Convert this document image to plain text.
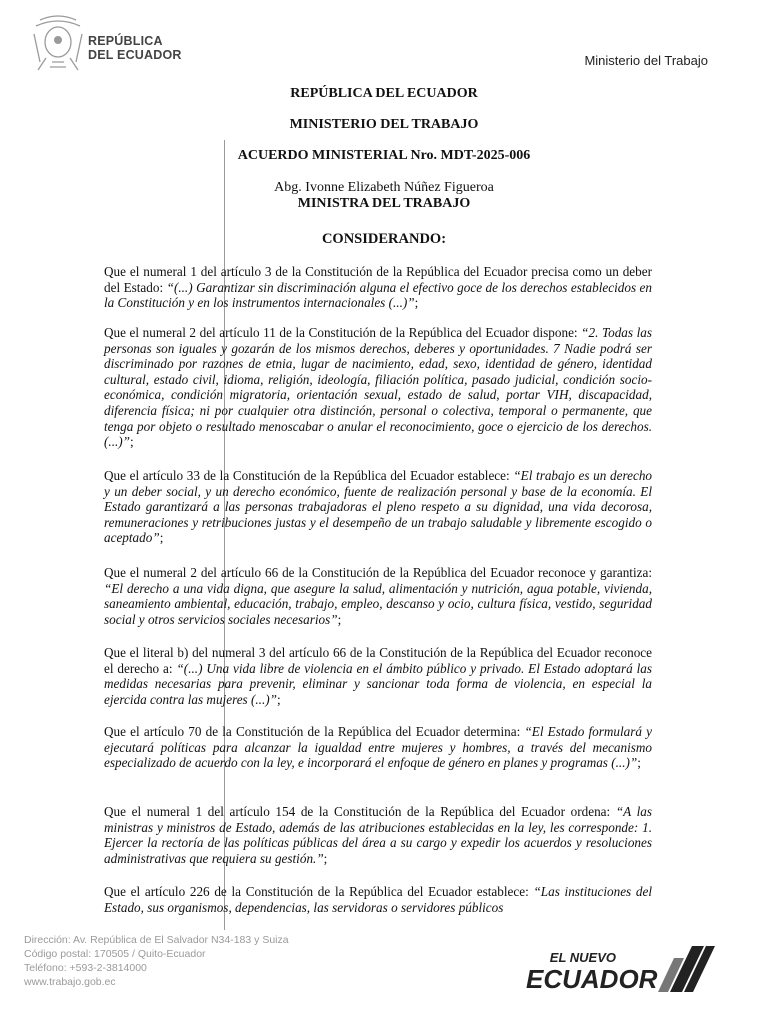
REPÚBLICA
DEL ECUADOR	Ministerio del Trabajo
REPÚBLICA DEL ECUADOR
MINISTERIO DEL TRABAJO
ACUERDO MINISTERIAL Nro. MDT-2025-006
Abg. Ivonne Elizabeth Núñez Figueroa
MINISTRA DEL TRABAJO
CONSIDERANDO:

Que el numeral 1 del artículo 3 de la Constitución de la República del Ecuador precisa como un deber del Estado: “(...) Garantizar sin discriminación alguna el efectivo goce de los derechos establecidos en la Constitución y en los instrumentos internacionales (...)”;

Que el numeral 2 del artículo 11 de la Constitución de la República del Ecuador dispone: “2. Todas las personas son iguales y gozarán de los mismos derechos, deberes y oportunidades. 7 Nadie podrá ser discriminado por razones de etnia, lugar de nacimiento, edad, sexo, identidad de género, identidad cultural, estado civil, idioma, religión, ideología, filiación política, pasado judicial, condición socio-económica, condición migratoria, orientación sexual, estado de salud, portar VIH, discapacidad, diferencia física; ni por cualquier otra distinción, personal o colectiva, temporal o permanente, que tenga por objeto o resultado menoscabar o anular el reconocimiento, goce o ejercicio de los derechos. (...)”;

Que el artículo 33 de la Constitución de la República del Ecuador establece: “El trabajo es un derecho y un deber social, y un derecho económico, fuente de realización personal y base de la economía. El Estado garantizará a las personas trabajadoras el pleno respeto a su dignidad, una vida decorosa, remuneraciones y retribuciones justas y el desempeño de un trabajo saludable y libremente escogido o aceptado”;

Que el numeral 2 del artículo 66 de la Constitución de la República del Ecuador reconoce y garantiza: “El derecho a una vida digna, que asegure la salud, alimentación y nutrición, agua potable, vivienda, saneamiento ambiental, educación, trabajo, empleo, descanso y ocio, cultura física, vestido, seguridad social y otros servicios sociales necesarios”;

Que el literal b) del numeral 3 del artículo 66 de la Constitución de la República del Ecuador reconoce el derecho a: “(...) Una vida libre de violencia en el ámbito público y privado. El Estado adoptará las medidas necesarias para prevenir, eliminar y sancionar toda forma de violencia, en especial la ejercida contra las mujeres (...)”;

Que el artículo 70 de la Constitución de la República del Ecuador determina: “El Estado formulará y ejecutará políticas para alcanzar la igualdad entre mujeres y hombres, a través del mecanismo especializado de acuerdo con la ley, e incorporará el enfoque de género en planes y programas (...)”;

Que el numeral 1 del artículo 154 de la Constitución de la República del Ecuador ordena: “A las ministras y ministros de Estado, además de las atribuciones establecidas en la ley, les corresponde: 1. Ejercer la rectoría de las políticas públicas del área a su cargo y expedir los acuerdos y resoluciones administrativas que requiera su gestión.”;

Que el artículo 226 de la Constitución de la República del Ecuador establece: “Las instituciones del Estado, sus organismos, dependencias, las servidoras o servidores públicos

Dirección: Av. República de El Salvador N34-183 y Suiza
Código postal: 170505 / Quito-Ecuador
Teléfono: +593-2-3814000
www.trabajo.gob.ec
EL NUEVO
ECUADOR
